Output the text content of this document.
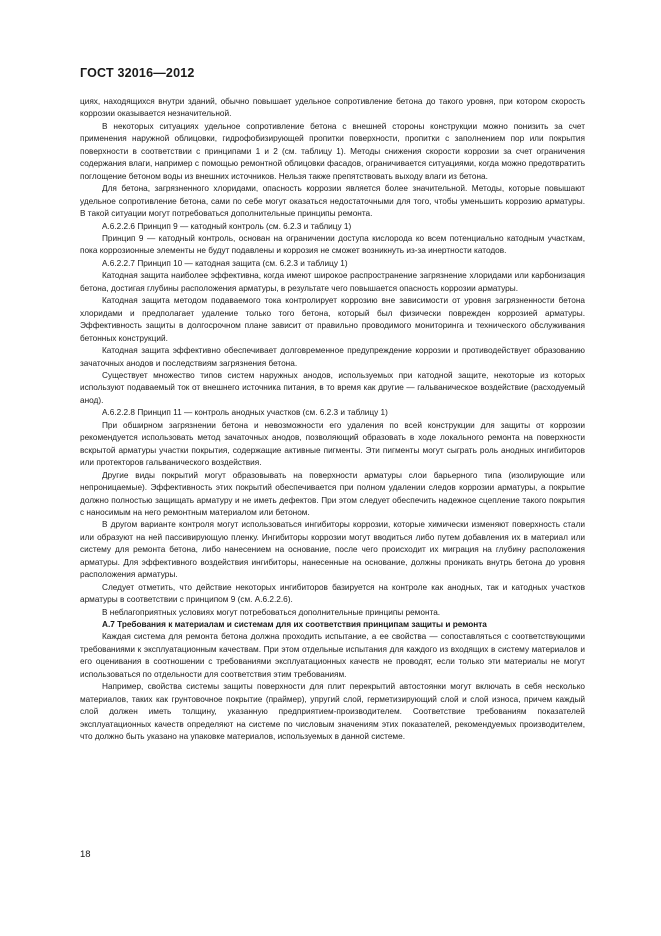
ГОСТ 32016—2012

циях, находящихся внутри зданий, обычно повышает удельное сопротивление бетона до такого уровня, при котором скорость коррозии оказывается незначительной.

В некоторых ситуациях удельное сопротивление бетона с внешней стороны конструкции можно понизить за счет применения наружной облицовки, гидрофобизирующей пропитки поверхности, пропитки с заполнением пор или покрытия поверхности в соответствии с принципами 1 и 2 (см. таблицу 1). Методы снижения скорости коррозии за счет ограничения содержания влаги, например с помощью ремонтной облицовки фасадов, ограничивается ситуациями, когда можно предотвратить поглощение бетоном воды из внешних источников. Нельзя также препятствовать выходу влаги из бетона.

Для бетона, загрязненного хлоридами, опасность коррозии является более значительной. Методы, которые повышают удельное сопротивление бетона, сами по себе могут оказаться недостаточными для того, чтобы уменьшить коррозию арматуры. В такой ситуации могут потребоваться дополнительные принципы ремонта.

А.6.2.2.6 Принцип 9 — катодный контроль (см. 6.2.3 и таблицу 1)

Принцип 9 — катодный контроль, основан на ограничении доступа кислорода ко всем потенциально катодным участкам, пока коррозионные элементы не будут подавлены и коррозия не сможет возникнуть из-за инертности катодов.

А.6.2.2.7 Принцип 10 — катодная защита (см. 6.2.3 и таблицу 1)

Катодная защита наиболее эффективна, когда имеют широкое распространение загрязнение хлоридами или карбонизация бетона, достигая глубины расположения арматуры, в результате чего повышается опасность коррозии арматуры.

Катодная защита методом подаваемого тока контролирует коррозию вне зависимости от уровня загрязненности бетона хлоридами и предполагает удаление только того бетона, который был физически поврежден коррозией арматуры. Эффективность защиты в долгосрочном плане зависит от правильно проводимого мониторинга и технического обслуживания бетонных конструкций.

Катодная защита эффективно обеспечивает долговременное предупреждение коррозии и противодействует образованию зачаточных анодов и последствиям загрязнения бетона.

Существует множество типов систем наружных анодов, используемых при катодной защите, некоторые из которых используют подаваемый ток от внешнего источника питания, в то время как другие — гальваническое воздействие (расходуемый анод).

А.6.2.2.8 Принцип 11 — контроль анодных участков (см. 6.2.3 и таблицу 1)

При обширном загрязнении бетона и невозможности его удаления по всей конструкции для защиты от коррозии рекомендуется использовать метод зачаточных анодов, позволяющий образовать в ходе локального ремонта на поверхности вскрытой арматуры участки покрытия, содержащие активные пигменты. Эти пигменты могут сыграть роль анодных ингибиторов или протекторов гальванического воздействия.

Другие виды покрытий могут образовывать на поверхности арматуры слои барьерного типа (изолирующие или непроницаемые). Эффективность этих покрытий обеспечивается при полном удалении следов коррозии арматуры, а покрытие должно полностью защищать арматуру и не иметь дефектов. При этом следует обеспечить надежное сцепление такого покрытия с наносимым на него ремонтным материалом или бетоном.

В другом варианте контроля могут использоваться ингибиторы коррозии, которые химически изменяют поверхность стали или образуют на ней пассивирующую пленку. Ингибиторы коррозии могут вводиться либо путем добавления их в материал или систему для ремонта бетона, либо нанесением на основание, после чего происходит их миграция на глубину расположения арматуры. Для эффективного воздействия ингибиторы, нанесенные на основание, должны проникать внутрь бетона до уровня расположения арматуры.

Следует отметить, что действие некоторых ингибиторов базируется на контроле как анодных, так и катодных участков арматуры в соответствии с принципом 9 (см. А.6.2.2.6).

В неблагоприятных условиях могут потребоваться дополнительные принципы ремонта.

А.7 Требования к материалам и системам для их соответствия принципам защиты и ремонта

Каждая система для ремонта бетона должна проходить испытание, а ее свойства — сопоставляться с соответствующими требованиями к эксплуатационным качествам. При этом отдельные испытания для каждого из входящих в систему материалов и его оценивания в соотношении с требованиями эксплуатационных качеств не проводят, если только эти материалы не могут использоваться по отдельности для соответствия этим требованиям.

Например, свойства системы защиты поверхности для плит перекрытий автостоянки могут включать в себя несколько материалов, таких как грунтовочное покрытие (праймер), упругий слой, герметизирующий слой и слой износа, причем каждый слой должен иметь толщину, указанную предприятием-производителем. Соответствие требованиям показателей эксплуатационных качеств определяют на системе по числовым значениям этих показателей, рекомендуемых производителем, что должно быть указано на упаковке материалов, используемых в данной системе.

18
